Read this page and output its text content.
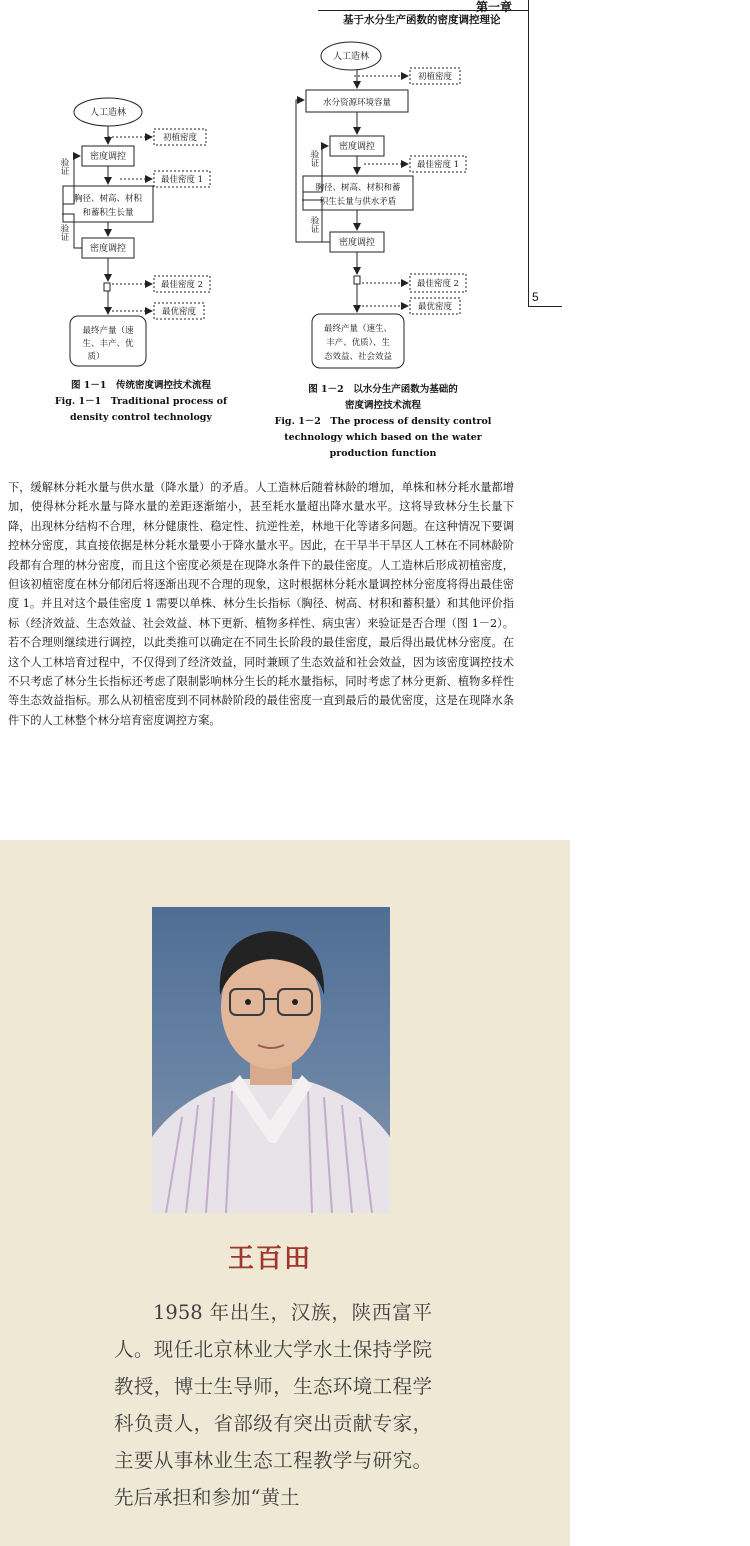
第一章
基于水分生产函数的密度调控理论
5
人工造林
密度调控
胸径、树高、材积
和蓄积生长量
密度调控
最终产量（速
生、丰产、优
质）
初植密度
最佳密度 1
最佳密度 2
最优密度
验证
验证
人工造林
水分资源环境容量
密度调控
胸径、树高、材积和蓄
积生长量与供水矛盾
密度调控
最终产量（速生、
丰产、优质）、生
态效益、社会效益
初植密度
最佳密度 1
最佳密度 2
最优密度
验证
验证
图 1－1　传统密度调控技术流程
Fig. 1－1　Traditional process of
density control technology
图 1－2　以水分生产函数为基础的
密度调控技术流程
Fig. 1－2　The process of density control
technology which based on the water
production function

下，缓解林分耗水量与供水量（降水量）的矛盾。人工造林后随着林龄的增加，单株和林分耗水量都增加，使得林分耗水量与降水量的差距逐渐缩小，甚至耗水量超出降水量水平。这将导致林分生长量下降，出现林分结构不合理，林分健康性、稳定性、抗逆性差，林地干化等诸多问题。在这种情况下要调控林分密度，其直接依据是林分耗水量要小于降水量水平。因此，在干旱半干旱区人工林在不同林龄阶段都有合理的林分密度，而且这个密度必须是在现降水条件下的最佳密度。人工造林后形成初植密度，但该初植密度在林分郁闭后将逐渐出现不合理的现象，这时根据林分耗水量调控林分密度将得出最佳密度 1。并且对这个最佳密度 1 需要以单株、林分生长指标（胸径、树高、材积和蓄积量）和其他评价指标（经济效益、生态效益、社会效益、林下更新、植物多样性、病虫害）来验证是否合理（图 1－2）。若不合理则继续进行调控，以此类推可以确定在不同生长阶段的最佳密度，最后得出最优林分密度。在这个人工林培育过程中，不仅得到了经济效益，同时兼顾了生态效益和社会效益，因为该密度调控技术不只考虑了林分生长指标还考虑了限制影响林分生长的耗水量指标，同时考虑了林分更新、植物多样性等生态效益指标。那么从初植密度到不同林龄阶段的最佳密度一直到最后的最优密度，这是在现降水条件下的人工林整个林分培育密度调控方案。

王百田

1958 年出生，汉族，陕西富平人。现任北京林业大学水土保持学院教授，博士生导师，生态环境工程学科负责人，省部级有突出贡献专家，主要从事林业生态工程教学与研究。先后承担和参加“黄土
